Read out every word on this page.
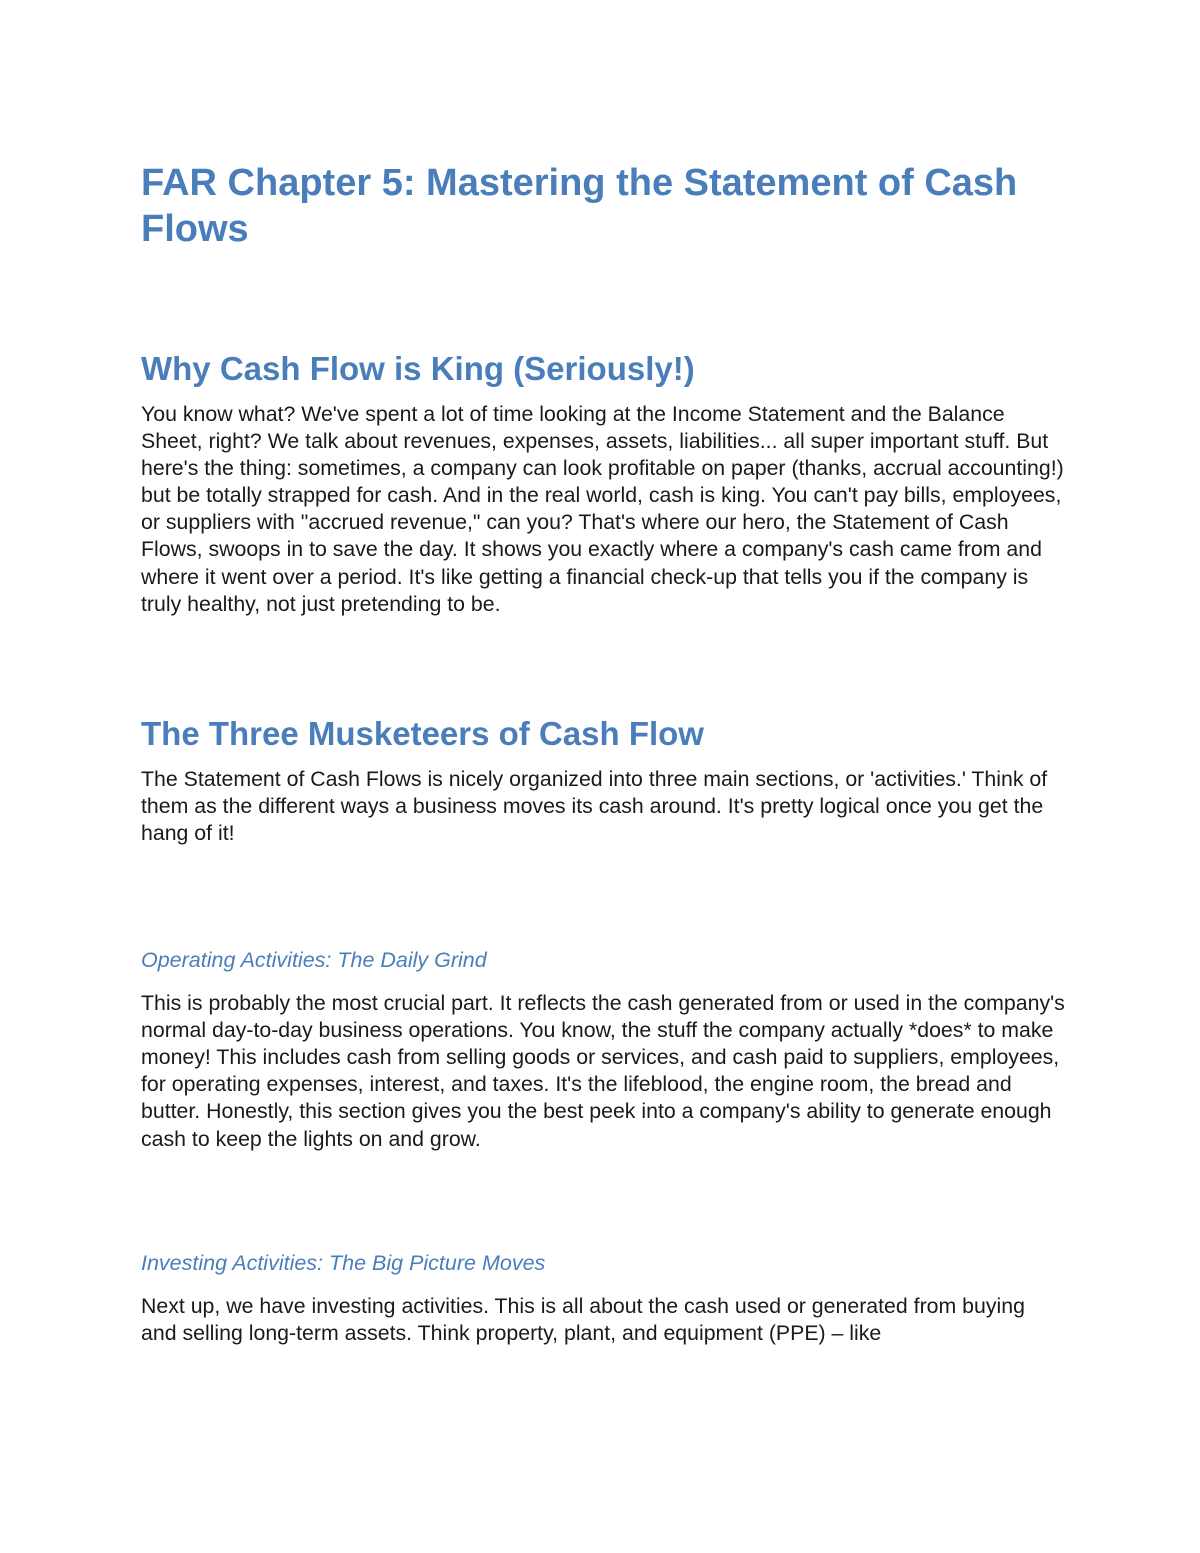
FAR Chapter 5: Mastering the Statement of Cash Flows
Why Cash Flow is King (Seriously!)

You know what? We've spent a lot of time looking at the Income Statement and the Balance Sheet, right? We talk about revenues, expenses, assets, liabilities... all super important stuff. But here's the thing: sometimes, a company can look profitable on paper (thanks, accrual accounting!) but be totally strapped for cash. And in the real world, cash is king. You can't pay bills, employees, or suppliers with "accrued revenue," can you? That's where our hero, the Statement of Cash Flows, swoops in to save the day. It shows you exactly where a company's cash came from and where it went over a period. It's like getting a financial check-up that tells you if the company is truly healthy, not just pretending to be.

The Three Musketeers of Cash Flow

The Statement of Cash Flows is nicely organized into three main sections, or 'activities.' Think of them as the different ways a business moves its cash around. It's pretty logical once you get the hang of it!

Operating Activities: The Daily Grind

This is probably the most crucial part. It reflects the cash generated from or used in the company's normal day-to-day business operations. You know, the stuff the company actually *does* to make money! This includes cash from selling goods or services, and cash paid to suppliers, employees, for operating expenses, interest, and taxes. It's the lifeblood, the engine room, the bread and butter. Honestly, this section gives you the best peek into a company's ability to generate enough cash to keep the lights on and grow.

Investing Activities: The Big Picture Moves

Next up, we have investing activities. This is all about the cash used or generated from buying and selling long-term assets. Think property, plant, and equipment (PPE) – like
